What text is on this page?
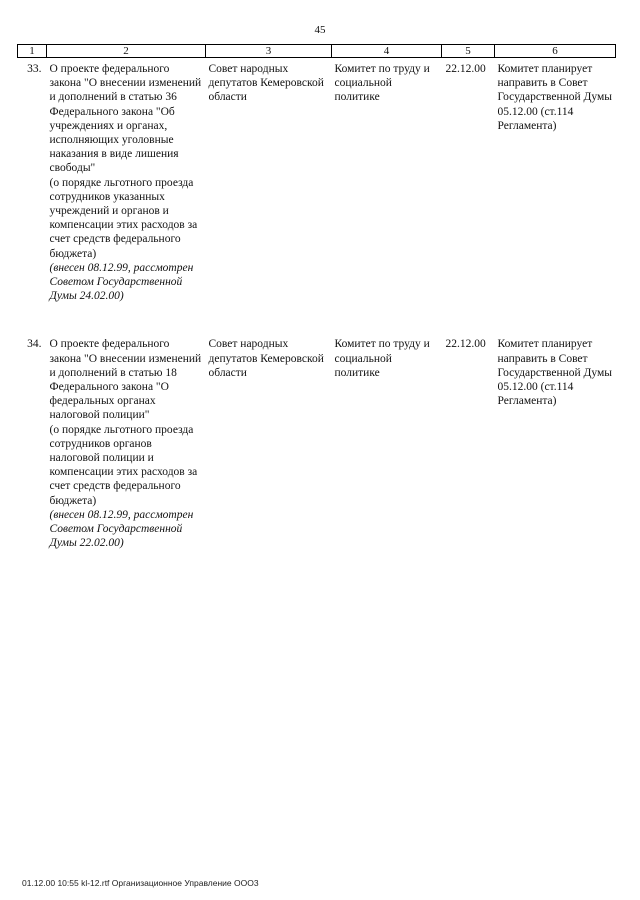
45
1	2	3	4	5	6
33.	О проекте федерального закона "О внесении изменений и дополнений в статью 36 Федерального закона "Об учреждениях и органах, исполняющих уголовные наказания в виде лишения свободы"
(о порядке льготного проезда сотрудников указанных учреждений и органов и компенсации этих расходов за счет средств федерального бюджета)
(внесен 08.12.99, рассмотрен Советом Государственной Думы 24.02.00)	Совет народных депутатов Кемеровской области	Комитет по труду и социальной политике	22.12.00	Комитет планирует направить в Совет Государственной Думы 05.12.00 (ст.114 Регламента)
34.	О проекте федерального закона "О внесении изменений и дополнений в статью 18 Федерального закона "О федеральных органах налоговой полиции"
(о порядке льготного проезда сотрудников органов налоговой полиции и компенсации этих расходов за счет средств федерального бюджета)
(внесен 08.12.99, рассмотрен Советом Государственной Думы 22.02.00)	Совет народных депутатов Кемеровской области	Комитет по труду и социальной политике	22.12.00	Комитет планирует направить в Совет Государственной Думы 05.12.00 (ст.114 Регламента)
01.12.00 10:55 kl-12.rtf Организационное Управление ООО3
